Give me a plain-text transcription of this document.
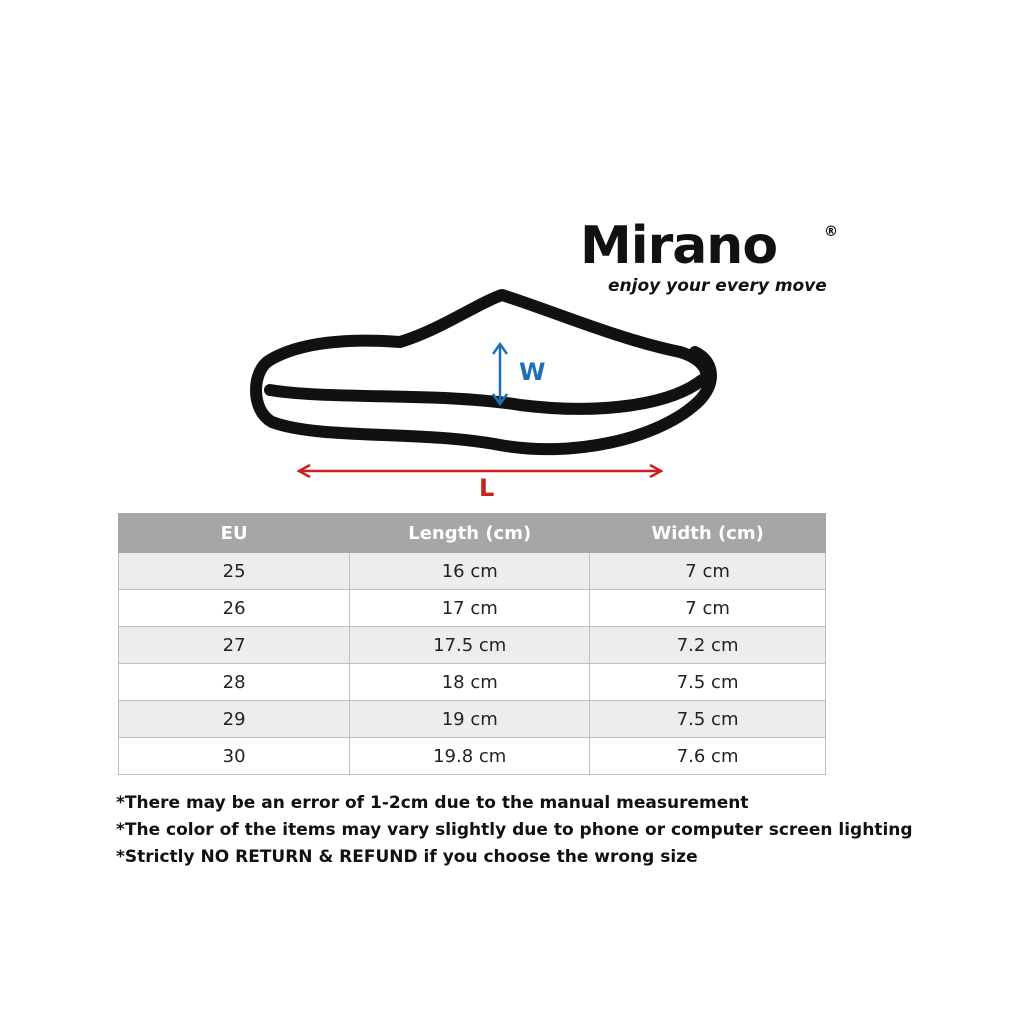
Mirano	®
enjoy your every move
W
L
EU	Length (cm)	Width (cm)
25	16 cm	7 cm
26	17 cm	7 cm
27	17.5 cm	7.2 cm
28	18 cm	7.5 cm
29	19 cm	7.5 cm
30	19.8 cm	7.6 cm
*There may be an error of 1-2cm due to the manual measurement
*The color of the items may vary slightly due to phone or computer screen lighting
*Strictly NO RETURN & REFUND if you choose the wrong size
